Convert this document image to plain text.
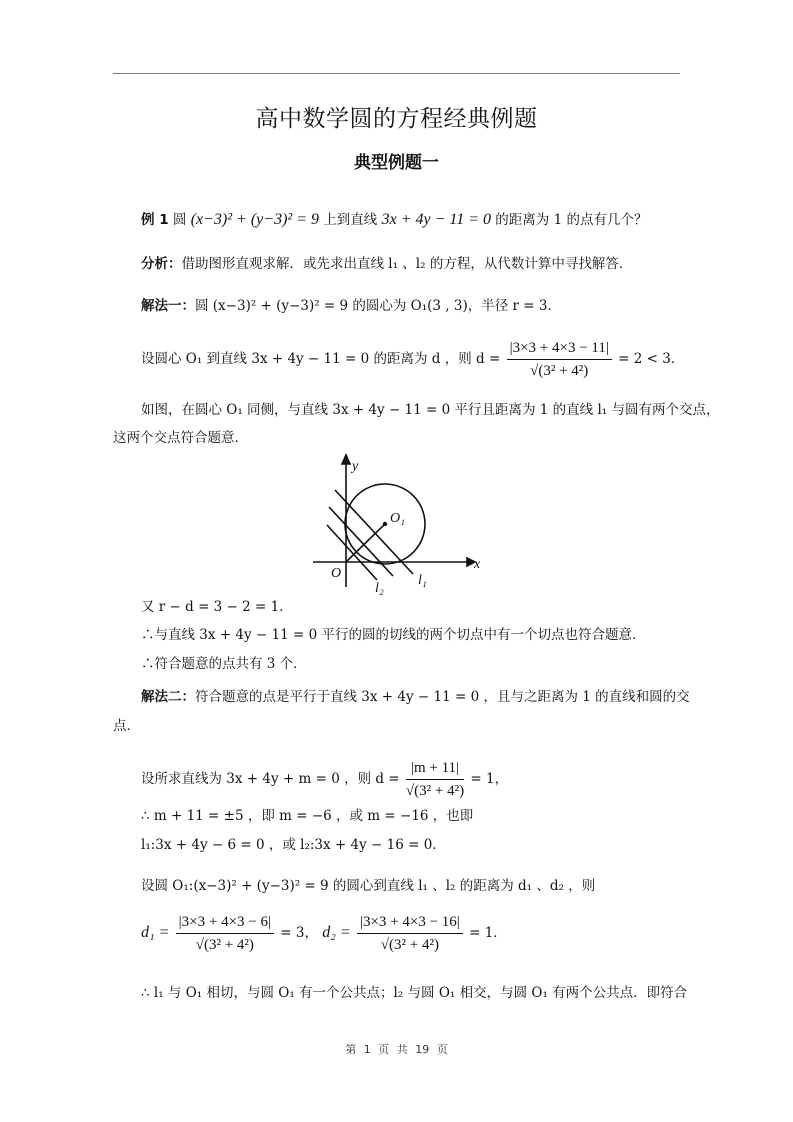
高中数学圆的方程经典例题
典型例题一
例 1 圆 (x−3)² + (y−3)² = 9 上到直线 3x + 4y − 11 = 0 的距离为 1 的点有几个？
分析：借助图形直观求解．或先求出直线 l₁ 、l₂ 的方程，从代数计算中寻找解答．
解法一：圆 (x−3)² + (y−3)² = 9 的圆心为 O₁(3 , 3)，半径 r = 3．
设圆心 O₁ 到直线 3x + 4y − 11 = 0 的距离为 d ，则 $d = \frac{|3\times 3 + 4\times 3 - 11|}{\text{√(3² + 4²)}} = 2 < 3$．
如图，在圆心 O₁ 同侧，与直线 3x + 4y − 11 = 0 平行且距离为 1 的直线 l₁ 与圆有两个交点，
这两个交点符合题意．
O₁
y
x
O
l₂
l₁
又 r − d = 3 − 2 = 1．
∴与直线 3x + 4y − 11 = 0 平行的圆的切线的两个切点中有一个切点也符合题意．
∴符合题意的点共有 3 个．
解法二：符合题意的点是平行于直线 3x + 4y − 11 = 0 ，且与之距离为 1 的直线和圆的交
点．
设所求直线为 3x + 4y + m = 0 ，则 $d = \frac{|m + 11|}{\text{√(3² + 4²)}} = 1$，
∴ m + 11 = ±5 ，即 m = −6 ，或 m = −16 ，也即
l₁:3x + 4y − 6 = 0 ，或 l₂:3x + 4y − 16 = 0．
设圆 O₁:(x−3)² + (y−3)² = 9 的圆心到直线 l₁ 、l₂ 的距离为 d₁ 、d₂ ，则
$d_1 = \frac{|3\times 3 + 4\times 3 - 6|}{\text{√(3² + 4²)}} = 3$， $d_2 = \frac{|3\times 3 + 4\times 3 - 16|}{\text{√(3² + 4²)}} = 1$．
∴ l₁ 与 O₁ 相切，与圆 O₁ 有一个公共点；l₂ 与圆 O₁ 相交，与圆 O₁ 有两个公共点．即符合
第 1 页 共 19 页
